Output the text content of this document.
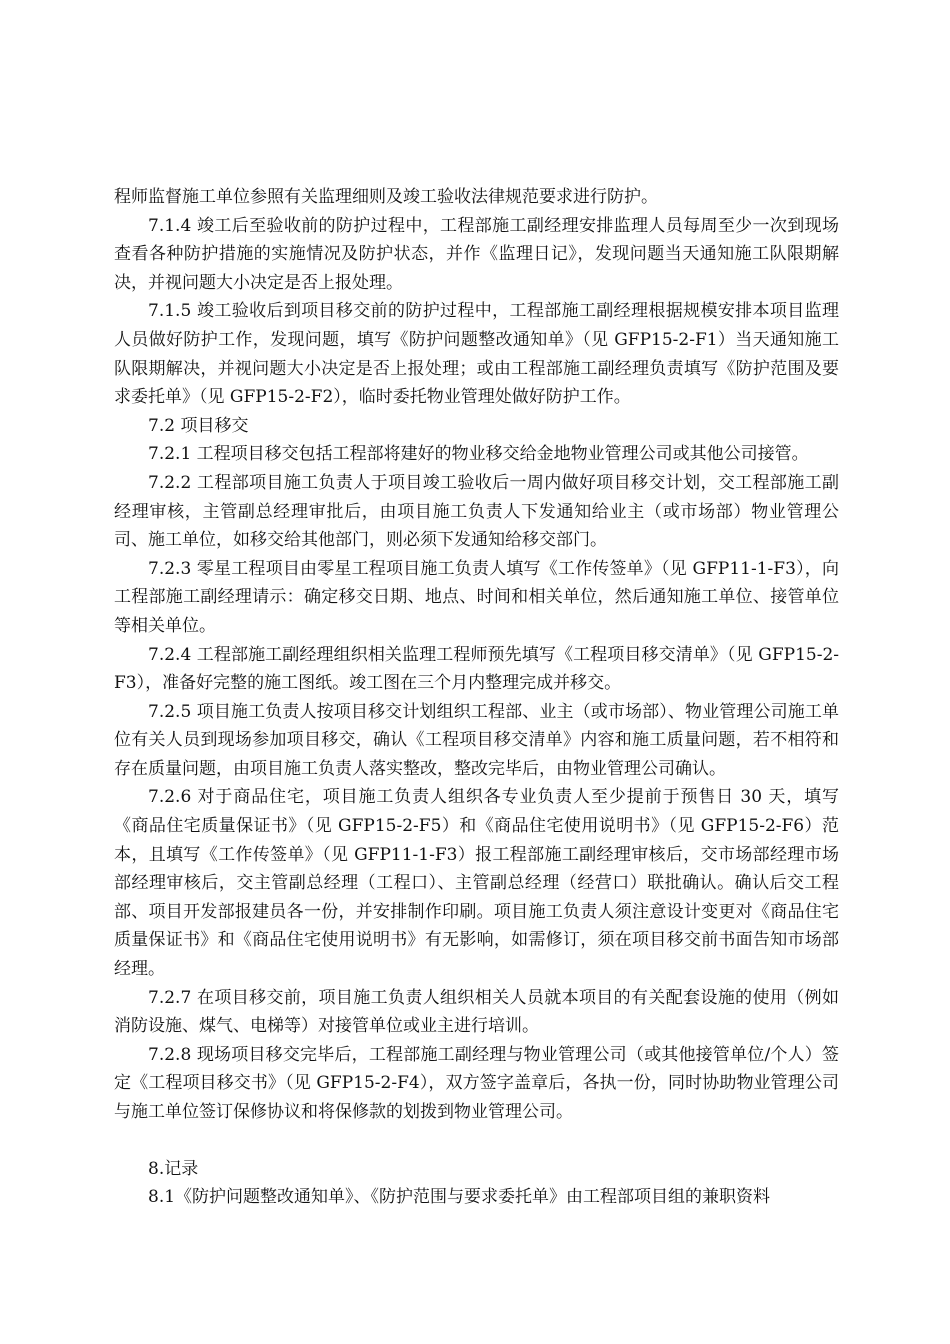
程师监督施工单位参照有关监理细则及竣工验收法律规范要求进行防护。

7.1.4 竣工后至验收前的防护过程中，工程部施工副经理安排监理人员每周至少一次到现场查看各种防护措施的实施情况及防护状态，并作《监理日记》，发现问题当天通知施工队限期解决，并视问题大小决定是否上报处理。

7.1.5 竣工验收后到项目移交前的防护过程中，工程部施工副经理根据规模安排本项目监理人员做好防护工作，发现问题，填写《防护问题整改通知单》（见 GFP15-2-F1）当天通知施工队限期解决，并视问题大小决定是否上报处理；或由工程部施工副经理负责填写《防护范围及要求委托单》（见 GFP15-2-F2），临时委托物业管理处做好防护工作。

7.2 项目移交

7.2.1 工程项目移交包括工程部将建好的物业移交给金地物业管理公司或其他公司接管。

7.2.2 工程部项目施工负责人于项目竣工验收后一周内做好项目移交计划，交工程部施工副经理审核，主管副总经理审批后，由项目施工负责人下发通知给业主（或市场部）物业管理公司、施工单位，如移交给其他部门，则必须下发通知给移交部门。

7.2.3 零星工程项目由零星工程项目施工负责人填写《工作传签单》（见 GFP11-1-F3），向工程部施工副经理请示：确定移交日期、地点、时间和相关单位，然后通知施工单位、接管单位等相关单位。

7.2.4 工程部施工副经理组织相关监理工程师预先填写《工程项目移交清单》（见 GFP15-2-F3），准备好完整的施工图纸。竣工图在三个月内整理完成并移交。

7.2.5 项目施工负责人按项目移交计划组织工程部、业主（或市场部）、物业管理公司施工单位有关人员到现场参加项目移交，确认《工程项目移交清单》内容和施工质量问题，若不相符和存在质量问题，由项目施工负责人落实整改，整改完毕后，由物业管理公司确认。

7.2.6 对于商品住宅，项目施工负责人组织各专业负责人至少提前于预售日 30 天，填写《商品住宅质量保证书》（见 GFP15-2-F5）和《商品住宅使用说明书》（见 GFP15-2-F6）范本，且填写《工作传签单》（见 GFP11-1-F3）报工程部施工副经理审核后，交市场部经理市场部经理审核后，交主管副总经理（工程口）、主管副总经理（经营口）联批确认。确认后交工程部、项目开发部报建员各一份，并安排制作印刷。项目施工负责人须注意设计变更对《商品住宅质量保证书》和《商品住宅使用说明书》有无影响，如需修订，须在项目移交前书面告知市场部经理。

7.2.7 在项目移交前，项目施工负责人组织相关人员就本项目的有关配套设施的使用（例如消防设施、煤气、电梯等）对接管单位或业主进行培训。

7.2.8 现场项目移交完毕后，工程部施工副经理与物业管理公司（或其他接管单位/个人）签定《工程项目移交书》（见 GFP15-2-F4），双方签字盖章后，各执一份，同时协助物业管理公司与施工单位签订保修协议和将保修款的划拨到物业管理公司。

8.记录

8.1《防护问题整改通知单》、《防护范围与要求委托单》由工程部项目组的兼职资料
